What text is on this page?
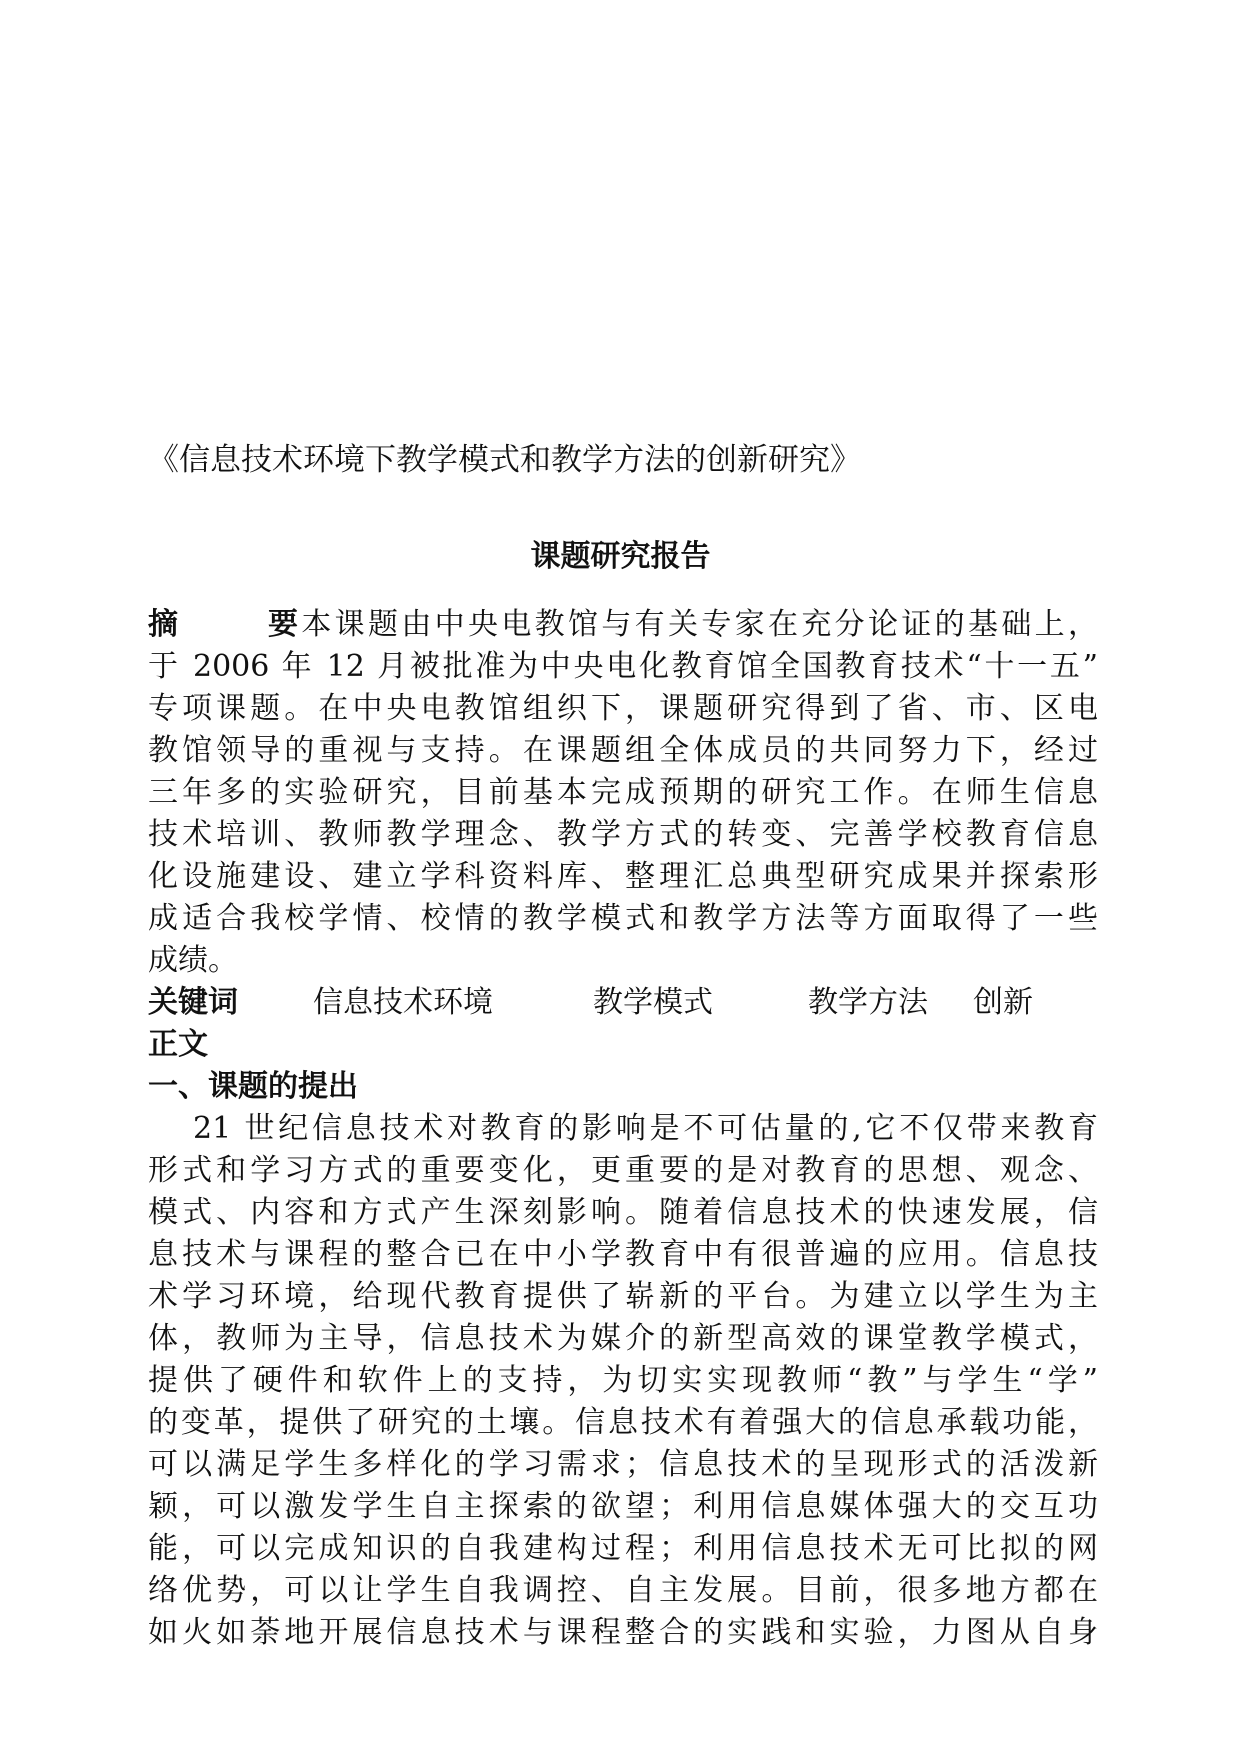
《信息技术环境下教学模式和教学方法的创新研究》
课题研究报告
摘要本课题由中央电教馆与有关专家在充分论证的基础上，
于 2006 年 12 月被批准为中央电化教育馆全国教育技术“十一五”
专项课题。在中央电教馆组织下，课题研究得到了省、市、区电
教馆领导的重视与支持。在课题组全体成员的共同努力下，经过
三年多的实验研究，目前基本完成预期的研究工作。在师生信息
技术培训、教师教学理念、教学方式的转变、完善学校教育信息
化设施建设、建立学科资料库、整理汇总典型研究成果并探索形
成适合我校学情、校情的教学模式和教学方法等方面取得了一些
成绩。
关键词	信息技术环境	教学模式	教学方法	创新
正文
一、课题的提出
21 世纪信息技术对教育的影响是不可估量的,它不仅带来教育
形式和学习方式的重要变化，更重要的是对教育的思想、观念、
模式、内容和方式产生深刻影响。随着信息技术的快速发展，信
息技术与课程的整合已在中小学教育中有很普遍的应用。信息技
术学习环境，给现代教育提供了崭新的平台。为建立以学生为主
体，教师为主导，信息技术为媒介的新型高效的课堂教学模式，
提供了硬件和软件上的支持，为切实实现教师“教”与学生“学”
的变革，提供了研究的土壤。信息技术有着强大的信息承载功能，
可以满足学生多样化的学习需求；信息技术的呈现形式的活泼新
颖，可以激发学生自主探索的欲望；利用信息媒体强大的交互功
能，可以完成知识的自我建构过程；利用信息技术无可比拟的网
络优势，可以让学生自我调控、自主发展。目前，很多地方都在
如火如荼地开展信息技术与课程整合的实践和实验，力图从自身
